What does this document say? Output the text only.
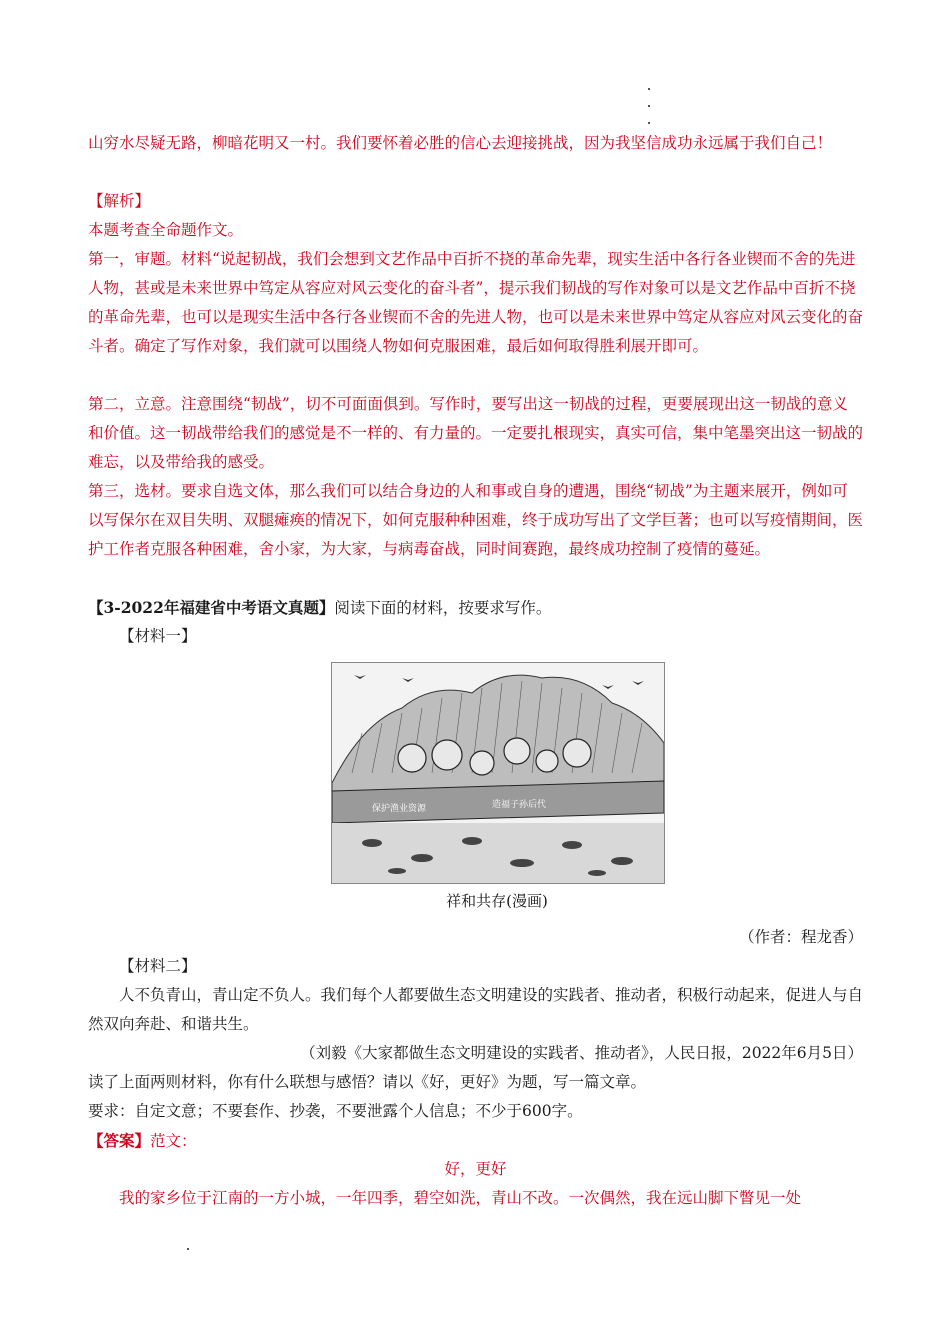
山穷水尽疑无路，柳暗花明又一村。我们要怀着必胜的信心去迎接挑战，因为我坚信成功永远属于我们自己！

【解析】

本题考查全命题作文。

第一，审题。材料“说起韧战，我们会想到文艺作品中百折不挠的革命先辈，现实生活中各行各业锲而不舍的先进人物，甚或是未来世界中笃定从容应对风云变化的奋斗者”，提示我们韧战的写作对象可以是文艺作品中百折不挠的革命先辈，也可以是现实生活中各行各业锲而不舍的先进人物，也可以是未来世界中笃定从容应对风云变化的奋斗者。确定了写作对象，我们就可以围绕人物如何克服困难，最后如何取得胜利展开即可。

第二，立意。注意围绕“韧战”，切不可面面俱到。写作时，要写出这一韧战的过程，更要展现出这一韧战的意义和价值。这一韧战带给我们的感觉是不一样的、有力量的。一定要扎根现实，真实可信，集中笔墨突出这一韧战的难忘，以及带给我的感受。

第三，选材。要求自选文体，那么我们可以结合身边的人和事或自身的遭遇，围绕“韧战”为主题来展开，例如可以写保尔在双目失明、双腿瘫痪的情况下，如何克服种种困难，终于成功写出了文学巨著；也可以写疫情期间，医护工作者克服各种困难，舍小家，为大家，与病毒奋战，同时间赛跑，最终成功控制了疫情的蔓延。

【3-2022年福建省中考语文真题】阅读下面的材料，按要求写作。

【材料一】

保护渔业资源	造福子孙后代
祥和共存(漫画)

（作者：程龙香）

【材料二】

人不负青山，青山定不负人。我们每个人都要做生态文明建设的实践者、推动者，积极行动起来，促进人与自然双向奔赴、和谐共生。

（刘毅《大家都做生态文明建设的实践者、推动者》，人民日报，2022年6月5日）

读了上面两则材料，你有什么联想与感悟？请以《好，更好》为题，写一篇文章。

要求：自定文意；不要套作、抄袭，不要泄露个人信息；不少于600字。

【答案】范文：

好，更好

我的家乡位于江南的一方小城，一年四季，碧空如洗，青山不改。一次偶然，我在远山脚下瞥见一处
